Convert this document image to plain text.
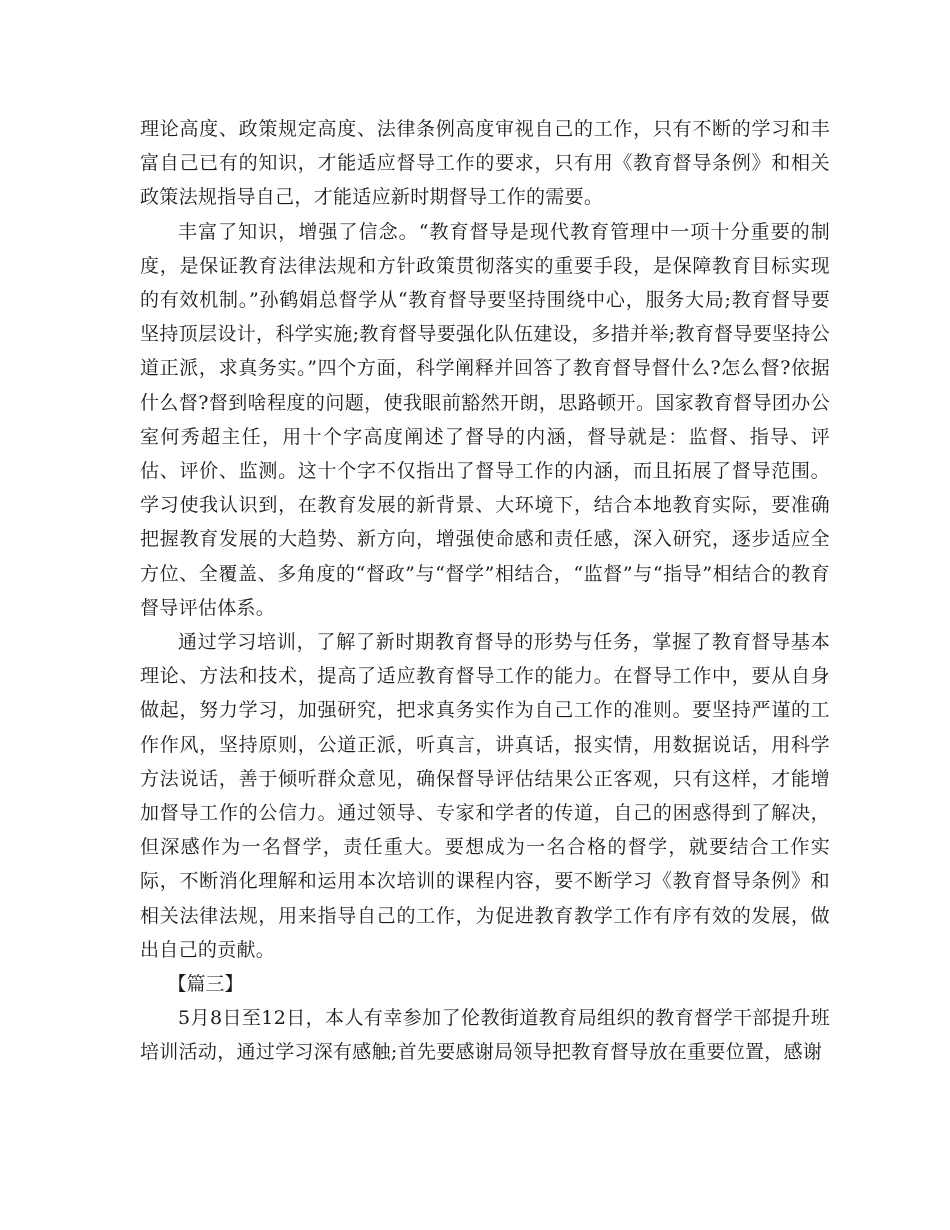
理论高度、政策规定高度、法律条例高度审视自己的工作，只有不断的学习和丰富自己已有的知识，才能适应督导工作的要求，只有用《教育督导条例》和相关政策法规指导自己，才能适应新时期督导工作的需要。

丰富了知识，增强了信念。“教育督导是现代教育管理中一项十分重要的制度，是保证教育法律法规和方针政策贯彻落实的重要手段，是保障教育目标实现的有效机制。”孙鹤娟总督学从“教育督导要坚持围绕中心，服务大局;教育督导要坚持顶层设计，科学实施;教育督导要强化队伍建设，多措并举;教育督导要坚持公道正派，求真务实。”四个方面，科学阐释并回答了教育督导督什么?怎么督?依据什么督?督到啥程度的问题，使我眼前豁然开朗，思路顿开。国家教育督导团办公室何秀超主任，用十个字高度阐述了督导的内涵，督导就是：监督、指导、评估、评价、监测。这十个字不仅指出了督导工作的内涵，而且拓展了督导范围。学习使我认识到，在教育发展的新背景、大环境下，结合本地教育实际，要准确把握教育发展的大趋势、新方向，增强使命感和责任感，深入研究，逐步适应全方位、全覆盖、多角度的“督政”与“督学”相结合，“监督”与“指导”相结合的教育督导评估体系。

通过学习培训，了解了新时期教育督导的形势与任务，掌握了教育督导基本理论、方法和技术，提高了适应教育督导工作的能力。在督导工作中，要从自身做起，努力学习，加强研究，把求真务实作为自己工作的准则。要坚持严谨的工作作风，坚持原则，公道正派，听真言，讲真话，报实情，用数据说话，用科学方法说话，善于倾听群众意见，确保督导评估结果公正客观，只有这样，才能增加督导工作的公信力。通过领导、专家和学者的传道，自己的困惑得到了解决，但深感作为一名督学，责任重大。要想成为一名合格的督学，就要结合工作实际，不断消化理解和运用本次培训的课程内容，要不断学习《教育督导条例》和相关法律法规，用来指导自己的工作，为促进教育教学工作有序有效的发展，做出自己的贡献。

【篇三】

5月8日至12日，本人有幸参加了伦教街道教育局组织的教育督学干部提升班培训活动，通过学习深有感触;首先要感谢局领导把教育督导放在重要位置，感谢
